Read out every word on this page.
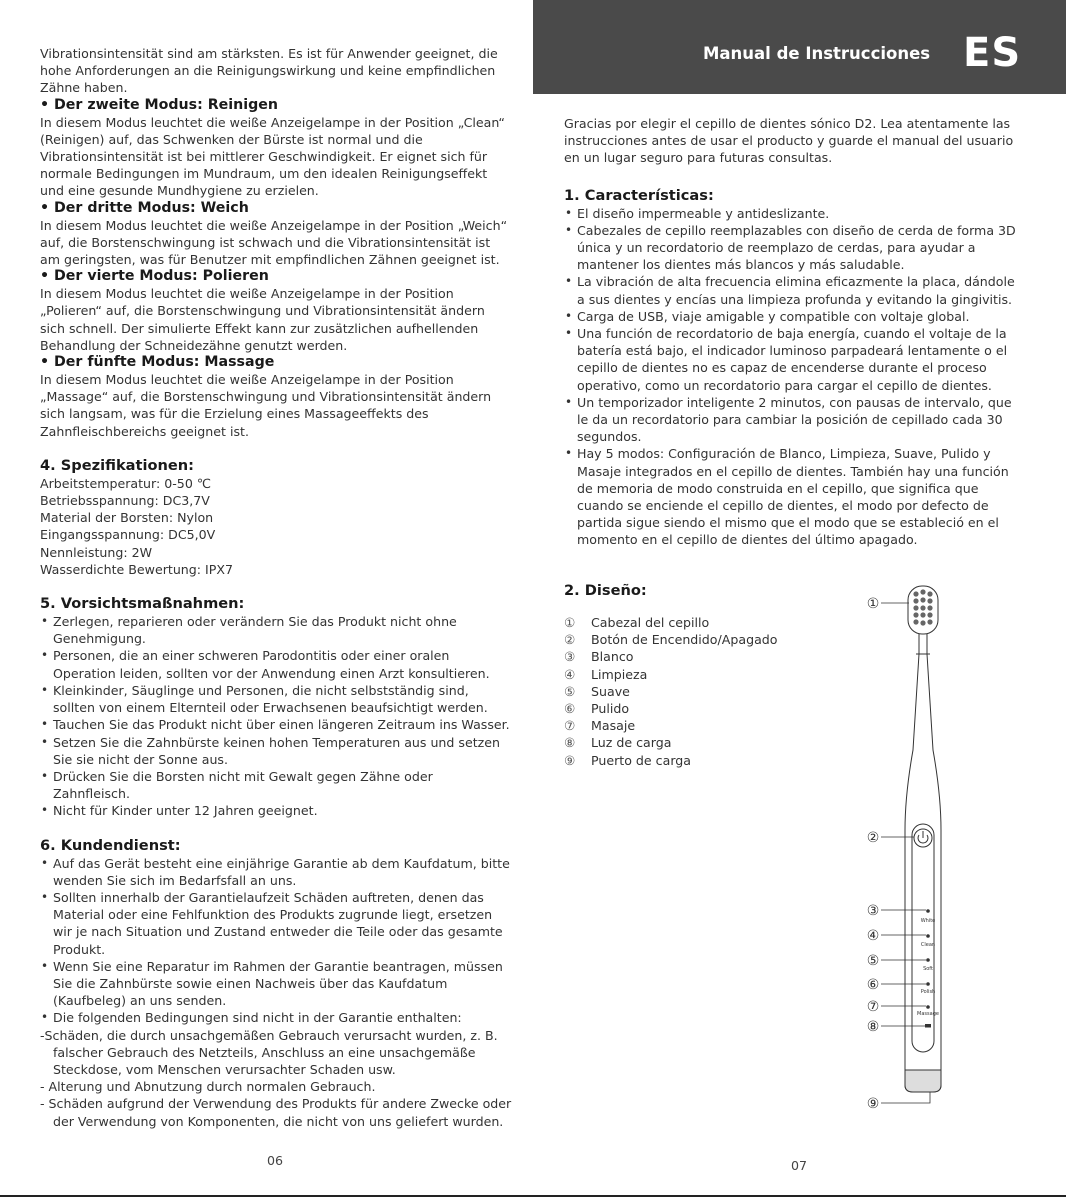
Vibrationsintensität sind am stärksten. Es ist für Anwender geeignet, die hohe Anforderungen an die Reinigungswirkung und keine empfindlichen Zähne haben.

• Der zweite Modus: Reinigen

In diesem Modus leuchtet die weiße Anzeigelampe in der Position „Clean“ (Reinigen) auf, das Schwenken der Bürste ist normal und die Vibrationsintensität ist bei mittlerer Geschwindigkeit. Er eignet sich für normale Bedingungen im Mundraum, um den idealen Reinigungseffekt und eine gesunde Mundhygiene zu erzielen.

• Der dritte Modus: Weich

In diesem Modus leuchtet die weiße Anzeigelampe in der Position „Weich“ auf, die Borstenschwingung ist schwach und die Vibrationsintensität ist am geringsten, was für Benutzer mit empfindlichen Zähnen geeignet ist.

• Der vierte Modus: Polieren

In diesem Modus leuchtet die weiße Anzeigelampe in der Position „Polieren“ auf, die Borstenschwingung und Vibrationsintensität ändern sich schnell. Der simulierte Effekt kann zur zusätzlichen aufhellenden Behandlung der Schneidezähne genutzt werden.

• Der fünfte Modus: Massage

In diesem Modus leuchtet die weiße Anzeigelampe in der Position „Massage“ auf, die Borstenschwingung und Vibrationsintensität ändern sich langsam, was für die Erzielung eines Massageeffekts des Zahnfleischbereichs geeignet ist.

4. Spezifikationen:
Arbeitstemperatur: 0-50 ℃
Betriebsspannung: DC3,7V
Material der Borsten: Nylon
Eingangsspannung: DC5,0V
Nennleistung: 2W
Wasserdichte Bewertung: IPX7
5. Vorsichtsmaßnahmen:
• Zerlegen, reparieren oder verändern Sie das Produkt nicht ohne Genehmigung.
• Personen, die an einer schweren Parodontitis oder einer oralen Operation leiden, sollten vor der Anwendung einen Arzt konsultieren.
• Kleinkinder, Säuglinge und Personen, die nicht selbstständig sind, sollten von einem Elternteil oder Erwachsenen beaufsichtigt werden.
• Tauchen Sie das Produkt nicht über einen längeren Zeitraum ins Wasser.
• Setzen Sie die Zahnbürste keinen hohen Temperaturen aus und setzen Sie sie nicht der Sonne aus.
• Drücken Sie die Borsten nicht mit Gewalt gegen Zähne oder Zahnfleisch.
• Nicht für Kinder unter 12 Jahren geeignet.
6. Kundendienst:
• Auf das Gerät besteht eine einjährige Garantie ab dem Kaufdatum, bitte wenden Sie sich im Bedarfsfall an uns.
• Sollten innerhalb der Garantielaufzeit Schäden auftreten, denen das Material oder eine Fehlfunktion des Produkts zugrunde liegt, ersetzen wir je nach Situation und Zustand entweder die Teile oder das gesamte Produkt.
• Wenn Sie eine Reparatur im Rahmen der Garantie beantragen, müssen Sie die Zahnbürste sowie einen Nachweis über das Kaufdatum (Kaufbeleg) an uns senden.
• Die folgenden Bedingungen sind nicht in der Garantie enthalten:
-Schäden, die durch unsachgemäßen Gebrauch verursacht wurden, z. B. falscher Gebrauch des Netzteils, Anschluss an eine unsachgemäße Steckdose, vom Menschen verursachter Schaden usw.
- Alterung und Abnutzung durch normalen Gebrauch.
- Schäden aufgrund der Verwendung des Produkts für andere Zwecke oder der Verwendung von Komponenten, die nicht von uns geliefert wurden.
06
Manual de Instrucciones ES

Gracias por elegir el cepillo de dientes sónico D2. Lea atentamente las instrucciones antes de usar el producto y guarde el manual del usuario en un lugar seguro para futuras consultas.

1. Características:
• El diseño impermeable y antideslizante.
• Cabezales de cepillo reemplazables con diseño de cerda de forma 3D única y un recordatorio de reemplazo de cerdas, para ayudar a mantener los dientes más blancos y más saludable.
• La vibración de alta frecuencia elimina eficazmente la placa, dándole a sus dientes y encías una limpieza profunda y evitando la gingivitis.
• Carga de USB, viaje amigable y compatible con voltaje global.
• Una función de recordatorio de baja energía, cuando el voltaje de la batería está bajo, el indicador luminoso parpadeará lentamente o el cepillo de dientes no es capaz de encenderse durante el proceso operativo, como un recordatorio para cargar el cepillo de dientes.
• Un temporizador inteligente 2 minutos, con pausas de intervalo, que le da un recordatorio para cambiar la posición de cepillado cada 30 segundos.
• Hay 5 modos: Configuración de Blanco, Limpieza, Suave, Pulido y Masaje integrados en el cepillo de dientes. También hay una función de memoria de modo construida en el cepillo, que significa que cuando se enciende el cepillo de dientes, el modo por defecto de partida sigue siendo el mismo que el modo que se estableció en el momento en el cepillo de dientes del último apagado.
2. Diseño:
①	Cabezal del cepillo
②	Botón de Encendido/Apagado
③	Blanco
④	Limpieza
⑤	Suave
⑥	Pulido
⑦	Masaje
⑧	Luz de carga
⑨	Puerto de carga
White
Clean
Soft
Polish
Massage
①
②
③
④
⑤
⑥
⑦
⑧
⑨
07
